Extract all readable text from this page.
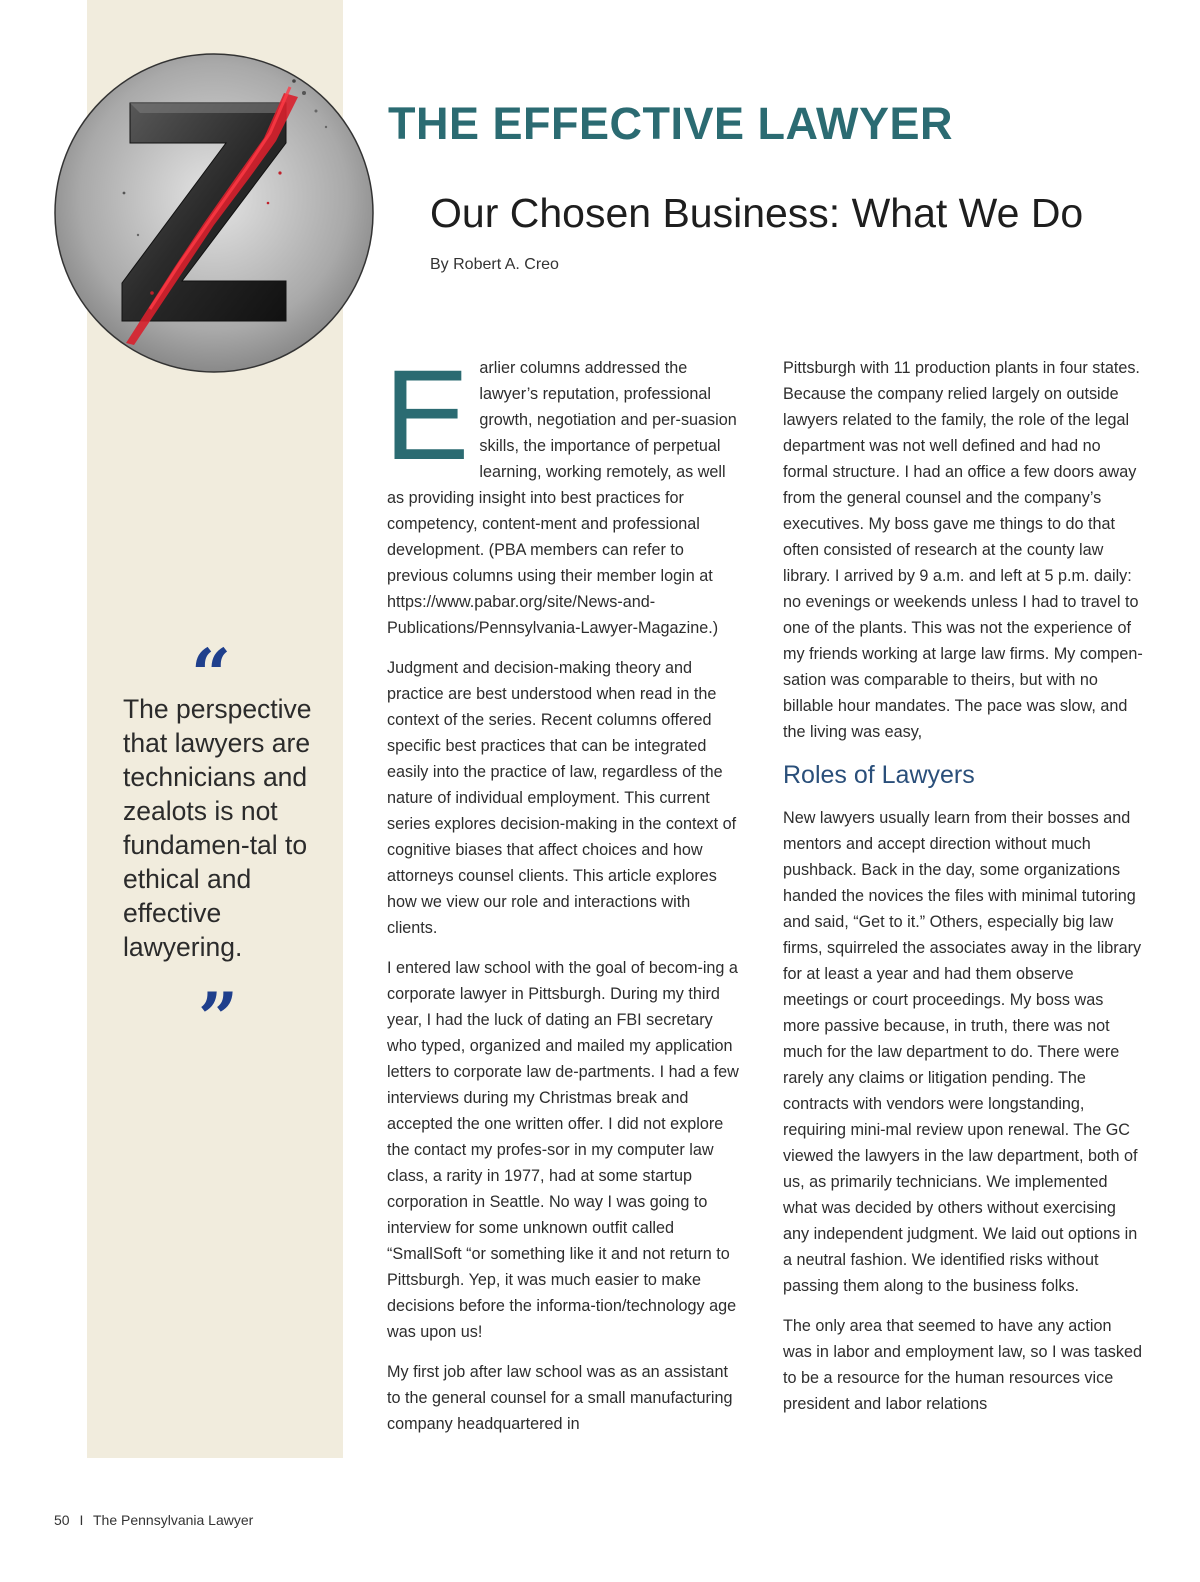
THE EFFECTIVE LAWYER
Our Chosen Business: What We Do
By Robert A. Creo
“

The perspective that lawyers are technicians and zealots is not fundamen-tal to ethical and effective lawyering.

”

Earlier columns addressed the lawyer’s reputation, professional growth, negotiation and per-suasion skills, the importance of perpetual learning, working remotely, as well as providing insight into best practices for competency, content-ment and professional development. (PBA members can refer to previous columns using their member login at https://www.pabar.org/site/News-and-Publications/Pennsylvania-Lawyer-Magazine.)

Judgment and decision-making theory and practice are best understood when read in the context of the series. Recent columns offered specific best practices that can be integrated easily into the practice of law, regardless of the nature of individual employment. This current series explores decision-making in the context of cognitive biases that affect choices and how attorneys counsel clients. This article explores how we view our role and interactions with clients.

I entered law school with the goal of becom-ing a corporate lawyer in Pittsburgh. During my third year, I had the luck of dating an FBI secretary who typed, organized and mailed my application letters to corporate law de-partments. I had a few interviews during my Christmas break and accepted the one written offer. I did not explore the contact my profes-sor in my computer law class, a rarity in 1977, had at some startup corporation in Seattle. No way I was going to interview for some unknown outfit called “SmallSoft “or something like it and not return to Pittsburgh. Yep, it was much easier to make decisions before the informa-tion/technology age was upon us!

My first job after law school was as an assistant to the general counsel for a small manufacturing company headquartered in

Pittsburgh with 11 production plants in four states. Because the company relied largely on outside lawyers related to the family, the role of the legal department was not well defined and had no formal structure. I had an office a few doors away from the general counsel and the company’s executives. My boss gave me things to do that often consisted of research at the county law library. I arrived by 9 a.m. and left at 5 p.m. daily: no evenings or weekends unless I had to travel to one of the plants. This was not the experience of my friends working at large law firms. My compen-sation was comparable to theirs, but with no billable hour mandates. The pace was slow, and the living was easy,

Roles of Lawyers

New lawyers usually learn from their bosses and mentors and accept direction without much pushback. Back in the day, some organizations handed the novices the files with minimal tutoring and said, “Get to it.” Others, especially big law firms, squirreled the associates away in the library for at least a year and had them observe meetings or court proceedings. My boss was more passive because, in truth, there was not much for the law department to do. There were rarely any claims or litigation pending. The contracts with vendors were longstanding, requiring mini-mal review upon renewal. The GC viewed the lawyers in the law department, both of us, as primarily technicians. We implemented what was decided by others without exercising any independent judgment. We laid out options in a neutral fashion. We identified risks without passing them along to the business folks.

The only area that seemed to have any action was in labor and employment law, so I was tasked to be a resource for the human resources vice president and labor relations

50 I The Pennsylvania Lawyer
